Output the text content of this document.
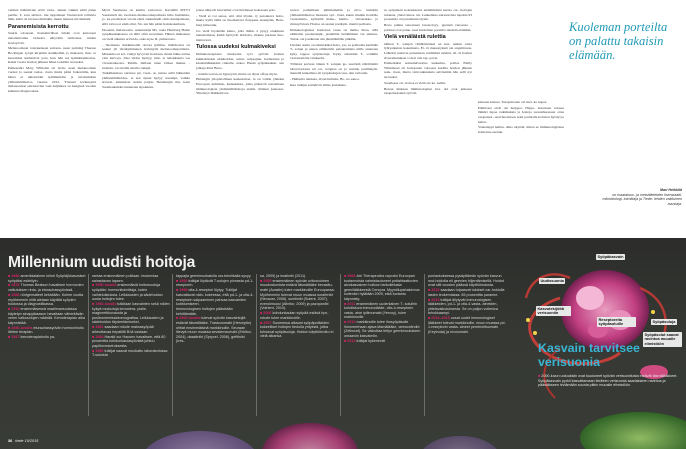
valmen hääntiivien eivät vasta- aineen vaikkti eitää päiee perille. T- solu aktivoi- tuu tappamaan Vastaavasti toimivia lääk- keitä on luvassa muitakin, muun muassa nivolumabi.

Paranemisista kerrottu

Suuria odoteaan. Kansainväliset lehdet ovat kertoneet uskomattomia tarinoita eihyvään tarmoissa, niiden hovisyöviä.

Melanoomaan toistaneiseen sairasta- neen painting Therese Bocklagen syöpä kirjattiin keuhkoihin ja maksaan, mut- ta kasvaimet kutistuivat pois, kun hän sai ipimilebenhoitoa. Kaksi vuotta hoidon jälkeen hänet todettiin terveeksi.

Pethesetäri Mary Williams oli levin- neen melanooman vuoksi jo saanut taalsa- dosta mutta pääsi Jatkonäille, kun hänet ei tuhoitettiin ipilimumabe ja nivolumabin yhdistelmähoitoa vuonna 2012. Yleensä levinneyttä melanoomaa sairastavien vain neljännes on hengissä vuoden kuluttua diagnoosista.

Myös Suomessa on kuultu vastaavaa. Keväällä MTV3 Saastasteli 44- vuotiasta melanoomapotilasta Juho Juutilaista, jo- ka puolitoista vuotta ehtoi suunnittelli omia hautajaisiaan, sillä toivoa ei enää ollut. Sit- ten hän pääsi hoitokokeiluun.

Dosentti, melanooma- asiantuntija Mi- caela Hernberg Husin syöpäkeskuksessa on tällä ollut saavainen. Hänen mukaansa on vielä aikaista arvioida, onko kyse lä- pimurrosta.

- Suomessa markkinoilla olevaa ipilimu- mabihoitoa on saanut yli viisikymmenen levinnyttä melanoomapotilasta. Muutama on sel- vinnyt hyvyvert hoidosta, mutta lääke auttaa vain harvoja. Joka viides hyötyy, mut- ta tehokkuutta sos vivaustaaluosta. Pahim- millaan tulee valkea makea, - tuolloin- tai sitoilla sitoilla riskejä.

Tutkimuksissa olevissa pd- vasta- ai- neissa sellä läkkeiden yhdistelmäholdos- ta sen sijaan hyöyy useampi, valkka sivuvai- kutuksista otokin paljon. Hernbergin mu- kaan Suomenkahdes tunnetaan sijaauksia,

joissa näkyvät kasvaimer ovat hävinneet kokonaan pois.

- Vielä ei voi sanoa, että ollsi löydet- ty parannava hoito, mutta kyllä tämä on huomattava harppaus eteenpäin, Hern- berg kiinostuu.

Jos vielä löydetään keino, jolla lääkä- ä pysyy etukäteen ennustamaan, ketkä hyötyvät hoidosta, illanne paranee huo- mattavasti.

Tulossa uudeksi kulmakiveksi

Immunoterapiasta mudostuu tyvi syövän hoidon kulmakiveksi sädehoidon, solun- salpaajien, hormonien ja kasainlääkkeiden rinnalle, uskoo Husin syöpäkeskuk- sen johtaja Petri Bono.

- Jonkin verran on hyperystä, mutta on täysä offoja myös.

Helsingin yliopistollinen keskusairaa- la on valittu yhdeksi Euroopan tutkimus- keskuksista, jotka pääsevät testaamaan immunologisia yhdistelmähoitoja ensim- mäinen joukossa. Yhteistyö lääkkeitä tes-

saavat parhaillaan ipilimumabin ja nivo- lumabin yhdistelmähoitoa monessa syö- vissä, kuten munile hoidolle vastaamatto- kylissäiä maha-, haima- , virtsarakko- ja rintasyövissä. Hoitoa on saanut parikym- mentä potilasta.

Immunologisissa hoidoissa vasse on melko hitaa, sillä elimistön puolustusjär- jestelmän herääminen vie aikansa. Tulok- sia joudutaan siis jännittämään pitkään.

Uusinta aseita on esimerkiksi hoito, jos- sa potilaalta kerätään T- soluja ja ennen elimistöön palauttamista niille annetaan kyky tappaa syöpäsoluja. Kyky siirretään T- soluihin vaarattomalla virukselta.

Tällaista porlaan ömien T- solujen ge- neettistä räätälöintiä laboratoriossa eli car- terapiaa on jo testattu parillakym- menellä leukemiaa eli syöpäsolujen vuu- den verisolin.

- Hulluriia tuloksia, aivan hulluita, Bo- no sanoo.

Kun tutkijat esittelivät viime joulukuus-

sa syöpälaan kokouksessa ensimmäistä kertaa car- hoitojen tuloksia, yleisö innos- tui. Leukemiaa sairastavista lapsista 93 prosenttia oli parantunut täysin.

Bono puhuu suoranaan lasaaroisyy- ppenstä vanoessa – potilaat ovat palan- neet kuoleman porteilta takaisin elämään.

Vielä venäläistä rulettia

Omien T- solujen räätälöinnissä on kui- tenkin vasta lyhtyaikaista kokemusta. Et- tä menestyksiä ole ongelmaton. Lääkärit joutuvat pelaamaan venäläistä rulettia, sil- lä hoidon sivuvaikutukset voivat olla tap- pavia.

Esimerkiksi seitsemävuotias leukemia- potilas Emily Whitehead oli hoitojauan vaivassa kuollla hoidon jälkeen reak- tioon, mutta sivuvaikutuksia selvitetään hän sulli nyt terveeksi.

Suomessa car- hoitoa ei vielä ole ko- keiltu.

Bonon mukaan immunologiset hoi- dot ovat jatkossa tasapainoiseksi syövän

kanssen kanssa. Tasapainoiue ovi mel- ko kapea.

Pääittoset eivät ole helppoa. Hippo- kraatesen valassa lääkäri lupaa ratkimuksia ja hoitoja suostelleessaan ottaa tasapainoi- sesti huomioon sekä potilaalle koituvat hyödyt ja haitat.

Vaakalappi heiluu. Alka näyttää, miten se immunologisissa hoidoissa asettuu.

Kuoleman porteilta on palattu takaisin elämään.
Mari Heikkilä
on maatalous- ja metsätieteiden lisensiaatti, mikrobiologi, toimittaja ja Tiede- lehden vakituinen avustaja.
Syöpäkasvain
Uudissuonia
Kasvutekijöitä verisuoniin
Reseptoreita syöpäsoluille
Syöpäsoluja
Syöpäsolut saavat ravintoa muualle elimistöön
Millennium uudisti hoitoja

■ 1846 amerikkalainen kiristi Syöpiä(kkasvaiset syöpäksi esitellyin.

■ 1878 Thomas Beatson havaitsee hormonien vaikutuksen rinta- ja eturauhassyövissä.

■ 1896 röntgensäteet keksitään. Kolme vuotta myöhemmin niitä aletaan käyttää syöpien hoidossa ja diagnostiikassa.

■ 1919 ensimmäisessä maailmansodassa käytetyn sinappikaasun havaitaan vähentävän veren valkosolujen määrää. Kemoterapian aika käynnistää.

■ 1940-luvulla eturauhassyövän hormonihoito lähtee terapian.

■ 1947 kemoterapiahoito pa-

rantaa ensimmäinen potilaan. leukemiaa sairastavan lapsen.

■ 1950-luvulla ensimmäisiä hoitomuotoja syöpään: hormonitoimittaja, kuten vaihteluistuksia. Leikkausten ja sädehoidon uusia hoitojen tulee.

■ 1960-luvulla tutkitaan kasvainten sekä niiden kykyä mutoutuja kemotera- pialle, magneettikuvausta ja positroniemissiotomografiaa. Leikkausten ja sädehoidon täydentämiseksi.

■ 1981 saadaan rokote maksasyöpää aiheuttavaa hepatiitti B:tä vastaan.

■ 1984 Harald zur Hausen havaitsee, että 80 prosenttia kohdunkaulasyövistä johtuu papilloomaviruksesta.

■ 1989 tutkijat saavat muokattu laboratoriossa T-soluista

tappajia geenimuokatulla car-tekniikalla syvyy.

■ 1992 tutkijat löytävät T-solujen pinnasta pd-1-reseptorin.

■ 1995 ctla-4-reseptori löytyy. Tutkijat kasvattavat näin- kokeessa, että pd-1- ja ctla-4-reseptorin salpaaminen pahvaa kasvainten kutistumiseen.

Immunologisen hoitojen pääsisään kehittämään.

■ 2000-luvulla tulevat syövän kasvaintojtä estävät täsmälääke. Trastuzumabi (Herceptin) ohtiat ensimmäisinä markkinoille. Seuraan litevyä muun muassa sevalemzumabi (Erbitux, 2004), dasatinibi (Sprycel, 2006), gefitinibi (Ires-

sa, 2009) ja imatinibi (2011).

■ 2005 ensimmäinen syövän uritusvoimen muodostumista estävä täsmälääke bevasitu- mabi (Avastin) tulee markkinoille Euroopassa. Myöhemmin tulevat muun muassa sorafenibi (Nexavar, 2006), sunitinibi (Sutent, 2007), everolimuusi (Afinitor, 2009) ja pazopanibi (Votrient, 2010).

■ 2006 kohdunkaulan syöpää estävä hpv- rokote tulee markkinoille.

■ 2007 Suomessa alkavat syöpäpotilaiden kokeelliset hoitojen tiedolla yrityksiä, jotka tuhoavat syöpäsoluja. Hoidon käyttöönotto ei vielä aikansa.

■ 2008 Ark Therapeutics raportoi Euroopan tuotannoista valmistautuneet potiahtaattuvien aivokasvainen hoitoon tarkoitetusta geenilääkkeestä Cerepra. Myyntilupahakemus kuitenkin hylätään 2009, eikä tuotanto käynnisty.

■ 2011 ensimmäinen uudenlainen T- solulhin kohdistuva immunolääke, ctla-4-reseptorin vasta- aine ipilimumabi (Yervoy), tulee markkinoille.

■ 2012 markkinoille tulee ihosyöpäsolle ihommerhaan ajava täsmälääke, vemurafenibi (Zelboraf). Se vaikuttaa tietyn geenimuutoksen omaaviin kasvaimiin.

■ 2013 tutkijat kykenevät

ponlaskoksessa pysäyttämän syövän kasvun mut-hoidolla eli geenien hiljentämisellä. Hoidot ovat silti vuosien päässä käyttöönotosta.

■ 2013 saadaan tulpaavat tulokset car-hoidolla lasten leukemiassa: 85 prosenttia paranee.

■ 2013 tutkijat äilytyvät immunologisen lääkkeiden, pd-1- ja ctla-4-vasta- aineiden, yhteisvaikutuksesta. Se on paljon voileniza tehokkaampi.

■ 2014–2015 uusat uudet immunologiset lääkkeet tulevat markkinoille, muun muassa pd-1-reseptorin vasta- aineet pembrolitsumabi (Keytruda) ja nivolumabi.

Kasvain tarvitsee verisuonia
■ 2000-luvun uutuuksiin ovat kuuluneet syövän verisuonitusta estävät täsmälääkkeet. Syöpäkasvain pyrkii kasvattamaan tiedteen verisuonia saadakseen ravintoa ja päästäkseen leviämään suonia pitkin muualle elimistöön.
36 tiede 10/2015
